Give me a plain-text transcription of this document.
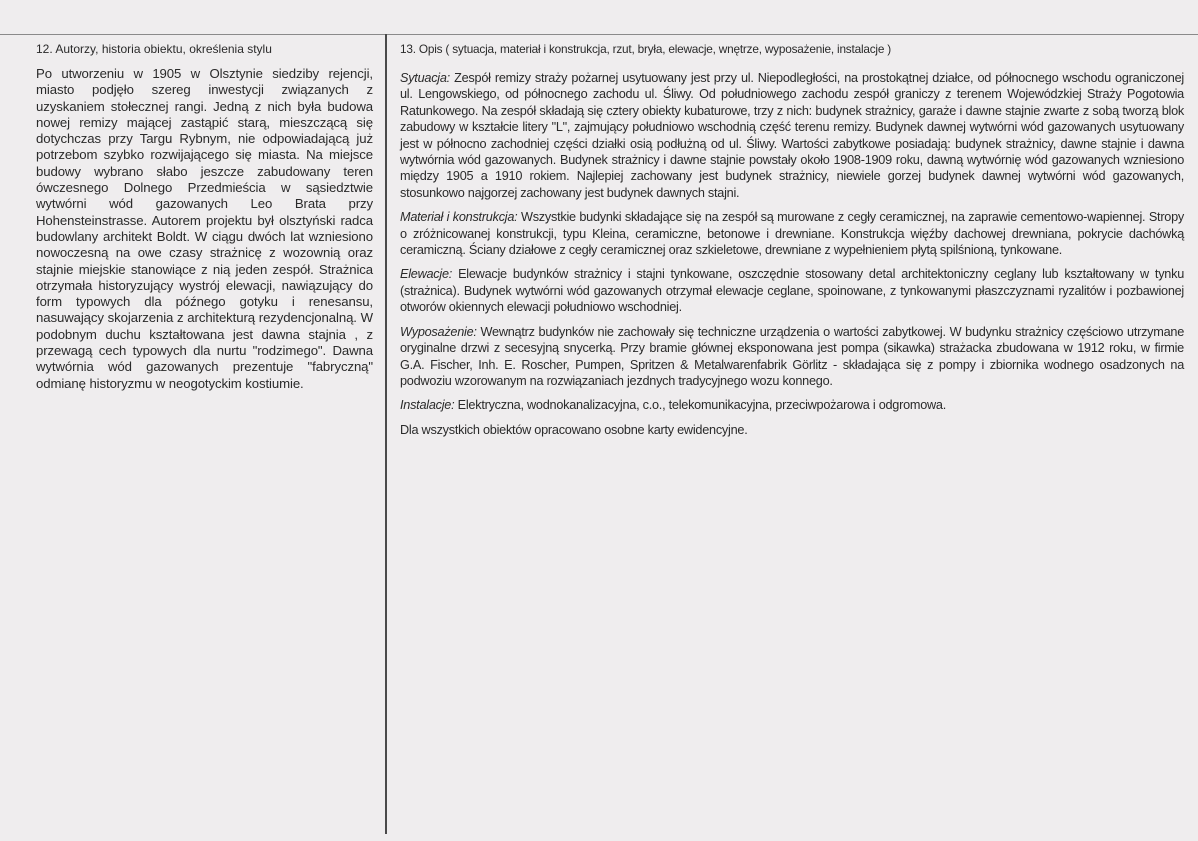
12. Autorzy, historia obiektu, określenia stylu
Po utworzeniu w 1905 w Olsztynie siedziby rejencji, miasto podjęło szereg inwestycji związanych z uzyskaniem stołecznej rangi. Jedną z nich była budowa nowej remizy mającej zastąpić starą, mieszczącą się dotychczas przy Targu Rybnym, nie odpowiadającą już potrzebom szybko rozwijającego się miasta. Na miejsce budowy wybrano słabo jeszcze zabudowany teren ówczesnego Dolnego Przedmieścia w sąsiedztwie wytwórni wód gazowanych Leo Brata przy Hohensteinstrasse. Autorem projektu był olsztyński radca budowlany architekt Boldt. W ciągu dwóch lat wzniesiono nowoczesną na owe czasy strażnicę z wozownią oraz stajnie miejskie stanowiące z nią jeden zespół. Strażnica otrzymała historyzujący wystrój elewacji, nawiązujący do form typowych dla późnego gotyku i renesansu, nasuwający skojarzenia z architekturą rezydencjonalną. W podobnym duchu kształtowana jest dawna stajnia , z przewagą cech typowych dla nurtu "rodzimego". Dawna wytwórnia wód gazowanych prezentuje "fabryczną" odmianę historyzmu w neogotyckim kostiumie.
13. Opis ( sytuacja, materiał i konstrukcja, rzut, bryła, elewacje, wnętrze, wyposażenie, instalacje )

Sytuacja: Zespół remizy straży pożarnej usytuowany jest przy ul. Niepodległości, na prostokątnej działce, od północnego wschodu ograniczonej ul. Lengowskiego, od północnego zachodu ul. Śliwy. Od południowego zachodu zespół graniczy z terenem Wojewódzkiej Straży Pogotowia Ratunkowego. Na zespół składają się cztery obiekty kubaturowe, trzy z nich: budynek strażnicy, garaże i dawne stajnie zwarte z sobą tworzą blok zabudowy w kształcie litery "L", zajmujący południowo wschodnią część terenu remizy. Budynek dawnej wytwórni wód gazowanych usytuowany jest w północno zachodniej części działki osią podłużną od ul. Śliwy. Wartości zabytkowe posiadają: budynek strażnicy, dawne stajnie i dawna wytwórnia wód gazowanych. Budynek strażnicy i dawne stajnie powstały około 1908-1909 roku, dawną wytwórnię wód gazowanych wzniesiono między 1905 a 1910 rokiem. Najlepiej zachowany jest budynek strażnicy, niewiele gorzej budynek dawnej wytwórni wód gazowanych, stosunkowo najgorzej zachowany jest budynek dawnych stajni.

Materiał i konstrukcja: Wszystkie budynki składające się na zespół są murowane z cegły ceramicznej, na zaprawie cementowo-wapiennej. Stropy o zróżnicowanej konstrukcji, typu Kleina, ceramiczne, betonowe i drewniane. Konstrukcja więźby dachowej drewniana, pokrycie dachówką ceramiczną. Ściany działowe z cegły ceramicznej oraz szkieletowe, drewniane z wypełnieniem płytą spilśnioną, tynkowane.

Elewacje: Elewacje budynków strażnicy i stajni tynkowane, oszczędnie stosowany detal architektoniczny ceglany lub kształtowany w tynku (strażnica). Budynek wytwórni wód gazowanych otrzymał elewacje ceglane, spoinowane, z tynkowanymi płaszczyznami ryzalitów i pozbawionej otworów okiennych elewacji południowo wschodniej.

Wyposażenie: Wewnątrz budynków nie zachowały się techniczne urządzenia o wartości zabytkowej. W budynku strażnicy częściowo utrzymane oryginalne drzwi z secesyjną snycerką. Przy bramie głównej eksponowana jest pompa (sikawka) strażacka zbudowana w 1912 roku, w firmie G.A. Fischer, Inh. E. Roscher, Pumpen, Spritzen & Metalwarenfabrik Görlitz - składająca się z pompy i zbiornika wodnego osadzonych na podwoziu wzorowanym na rozwiązaniach jezdnych tradycyjnego wozu konnego.

Instalacje: Elektryczna, wodnokanalizacyjna, c.o., telekomunikacyjna, przeciwpożarowa i odgromowa.

Dla wszystkich obiektów opracowano osobne karty ewidencyjne.
